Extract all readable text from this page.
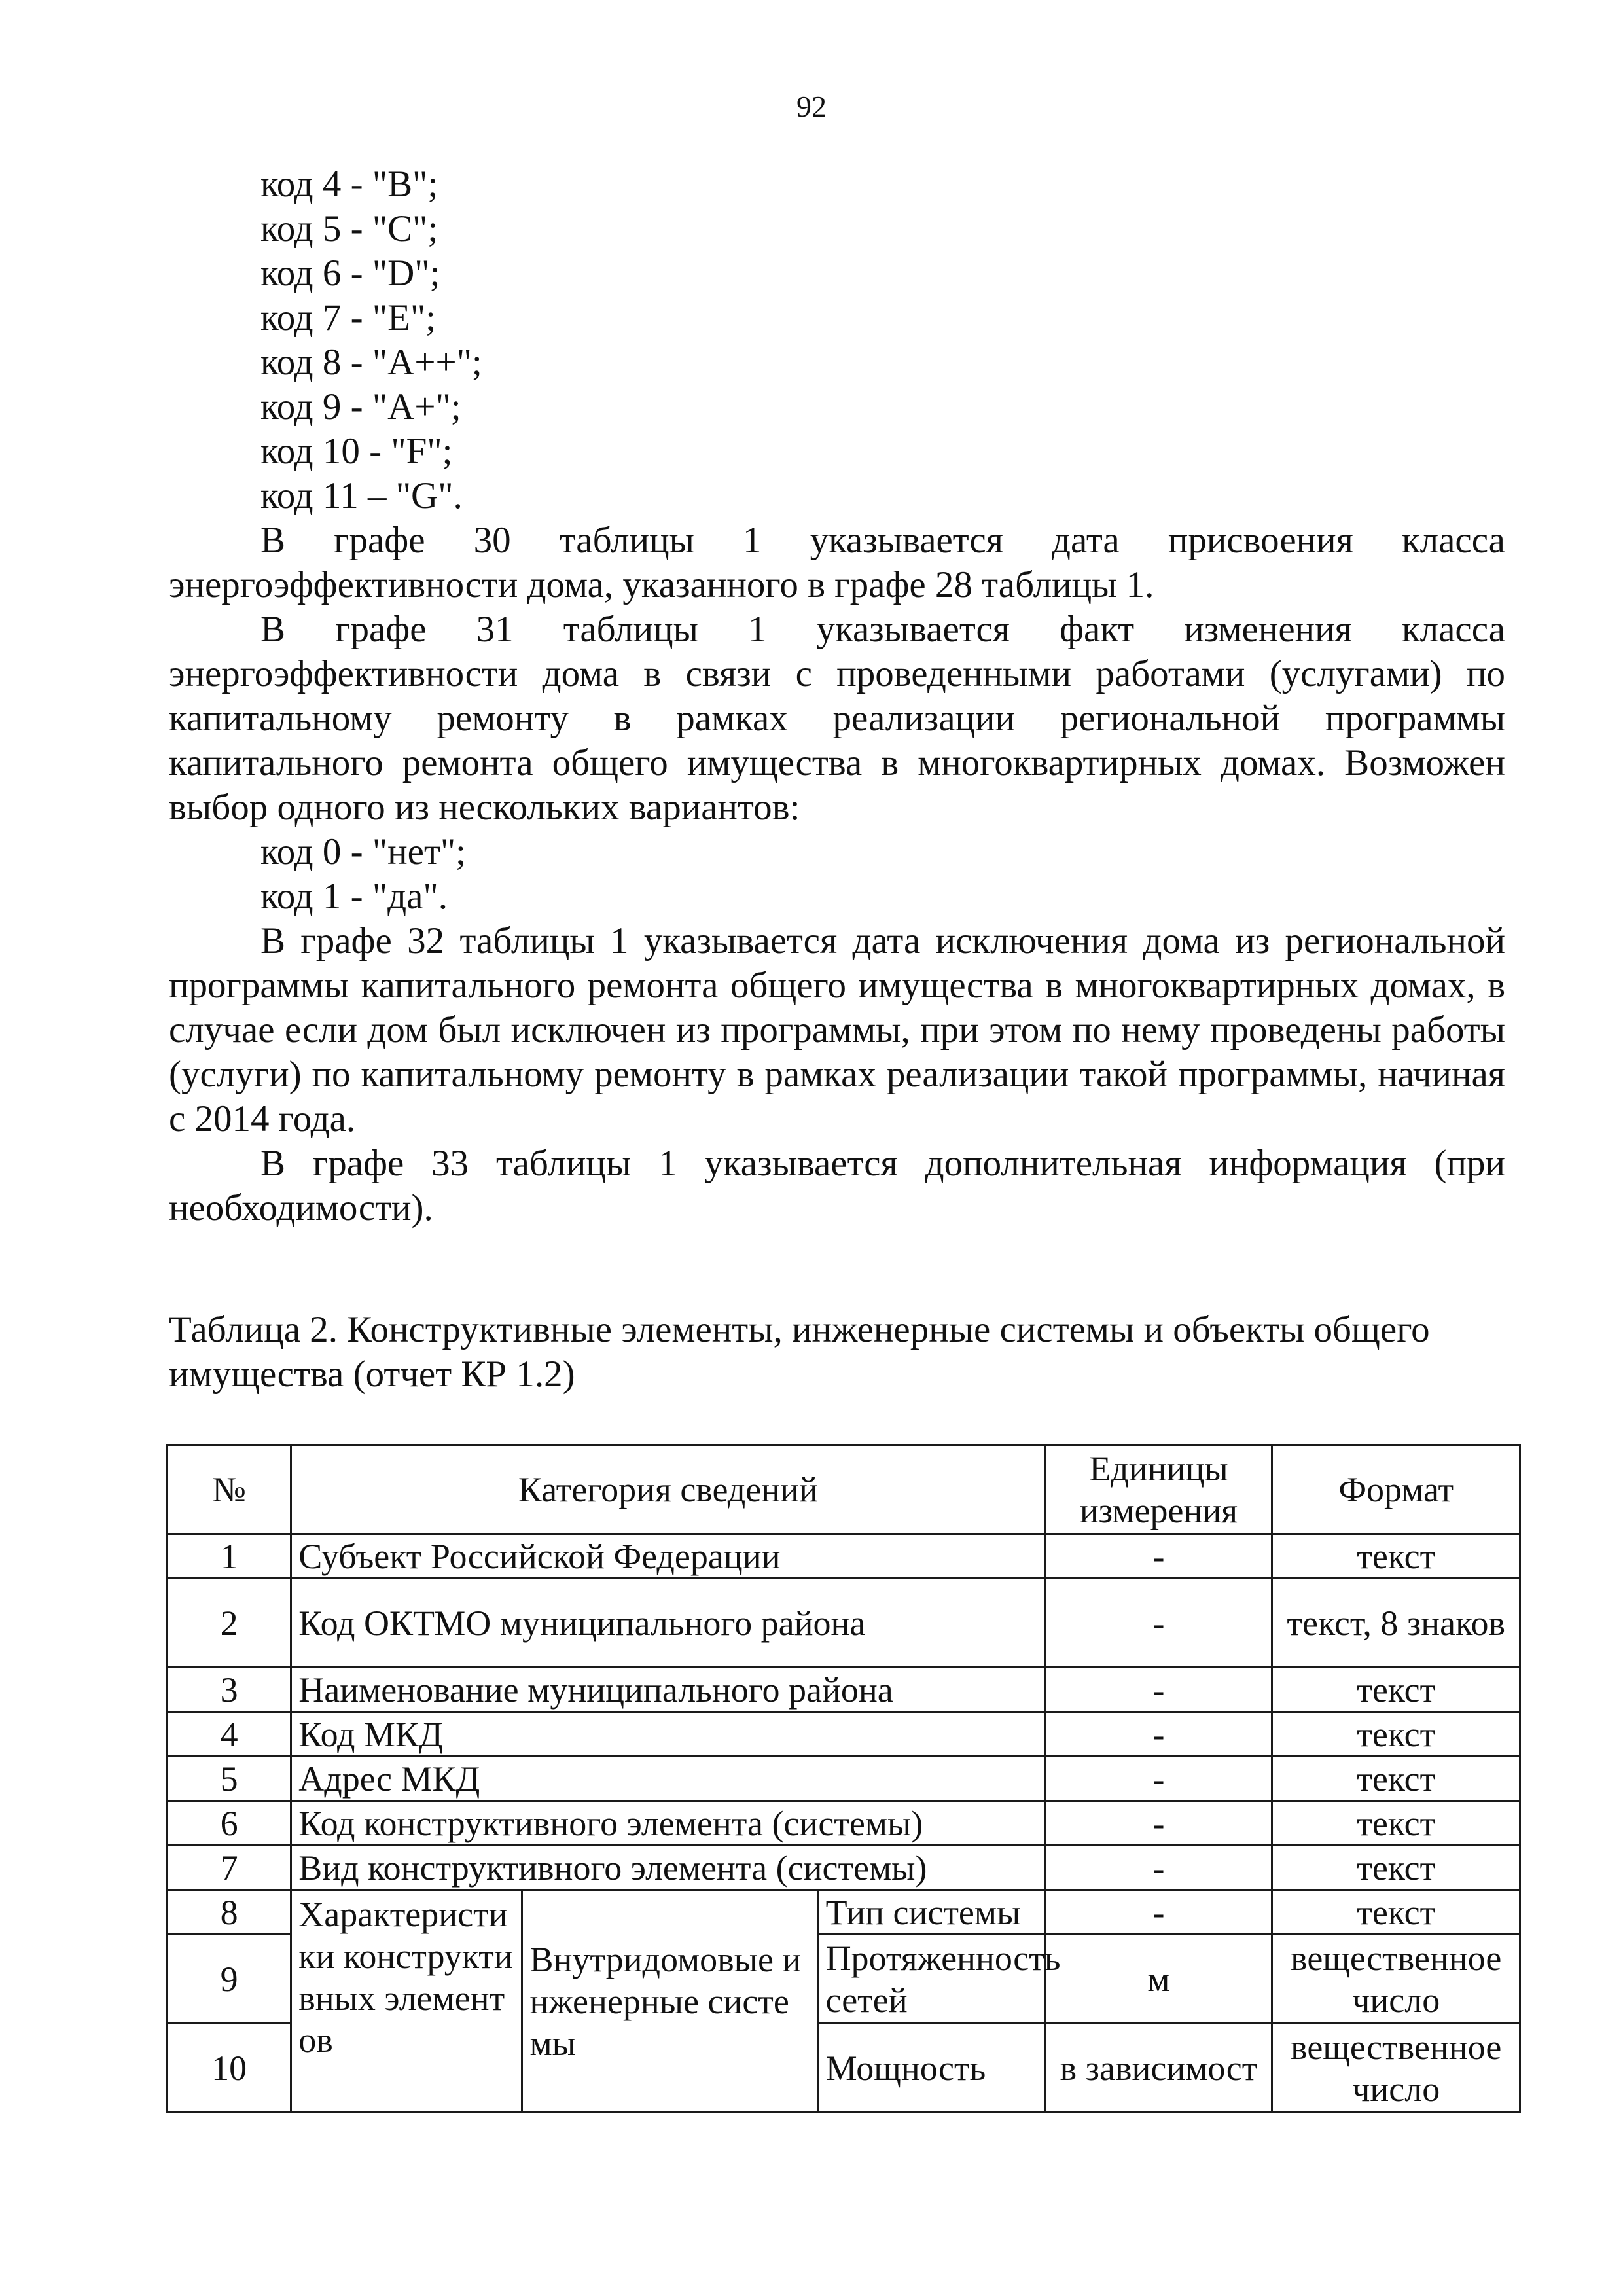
92
код 4 - "B";
код 5 - "C";
код 6 - "D";
код 7 - "E";
код 8 - "A++";
код 9 - "A+";
код 10 - "F";
код 11 – "G".
В графе 30 таблицы 1 указывается дата присвоения класса
энергоэффективности дома, указанного в графе 28 таблицы 1.
В графе 31 таблицы 1 указывается факт изменения класса энергоэффективности дома в связи с проведенными работами (услугами) по капитальному ремонту в рамках реализации региональной программы капитального ремонта общего имущества в многоквартирных домах. Возможен выбор одного из нескольких вариантов:
код 0 - "нет";
код 1 - "да".
В графе 32 таблицы 1 указывается дата исключения дома из региональной программы капитального ремонта общего имущества в многоквартирных домах, в случае если дом был исключен из программы, при этом по нему проведены работы (услуги) по капитальному ремонту в рамках реализации такой программы, начиная с 2014 года.
В графе 33 таблицы 1 указывается дополнительная информация (при необходимости).
Таблица 2. Конструктивные элементы, инженерные системы и объекты общего имущества (отчет КР 1.2)
№	Категория сведений			Единицы измерения	Формат
1	Субъект Российской Федерации			-	текст
2	Код ОКТМО муниципального района			-	текст, 8 знаков
3	Наименование муниципального района			-	текст
4	Код МКД			-	текст
5	Адрес МКД			-	текст
6	Код конструктивного элемента (системы)			-	текст
7	Вид конструктивного элемента (системы)			-	текст
8	Характеристики конструктивных элементов	Внутридомовые инженерные системы	Тип системы	-	текст
9			Протяженность сетей	м	вещественное число
10			Мощность	в зависимост	вещественное число
